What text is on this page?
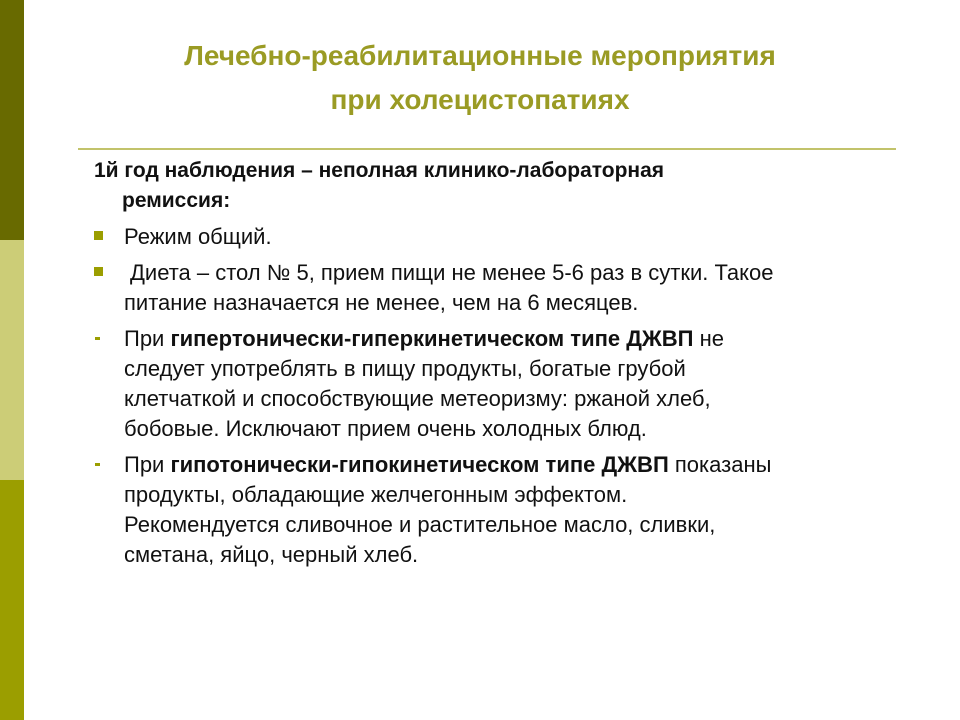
Лечебно-реабилитационные мероприятия
при холецистопатиях
1й год наблюдения – неполная клинико-лабораторная
ремиссия:
Режим общий.
Диета – стол № 5, прием пищи не менее 5-6 раз в сутки. Такое
питание назначается не менее, чем на 6 месяцев.
При гипертонически-гиперкинетическом типе ДЖВП не
следует употреблять в пищу продукты, богатые грубой
клетчаткой и способствующие метеоризму: ржаной хлеб,
бобовые. Исключают прием очень холодных блюд.
При гипотонически-гипокинетическом типе ДЖВП показаны
продукты, обладающие желчегонным эффектом.
Рекомендуется сливочное и растительное масло, сливки,
сметана, яйцо, черный хлеб.
